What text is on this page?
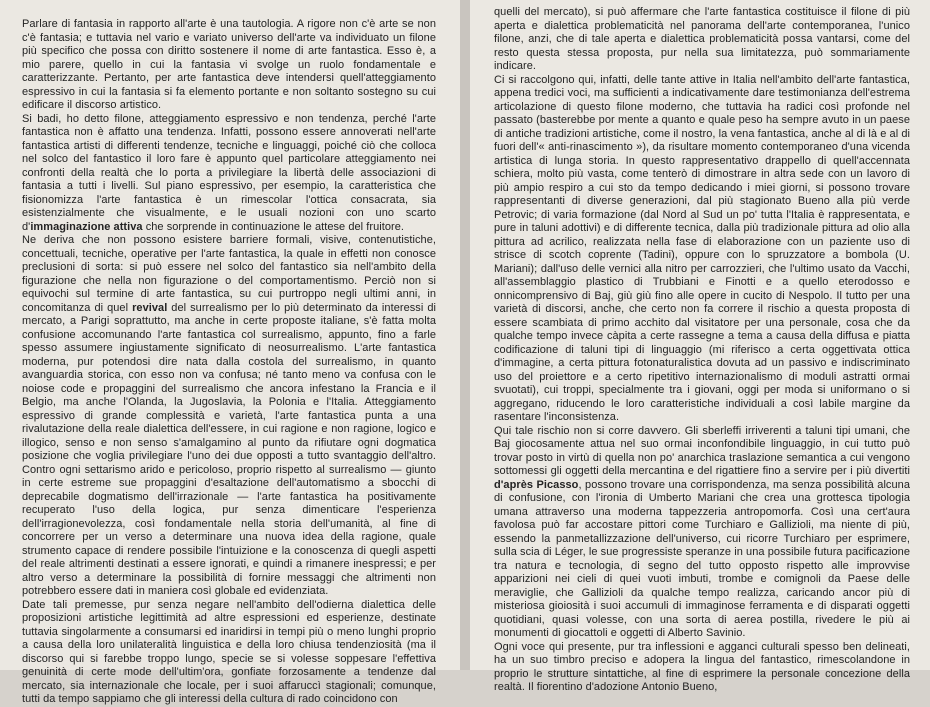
Parlare di fantasia in rapporto all'arte è una tautologia. A rigore non c'è arte se non c'è fantasia; e tuttavia nel vario e variato universo dell'arte va individuato un filone più specifico che possa con diritto sostenere il nome di arte fantastica. Esso è, a mio parere, quello in cui la fantasia vi svolge un ruolo fondamentale e caratterizzante. Pertanto, per arte fantastica deve intendersi quell'atteggiamento espressivo in cui la fantasia si fa elemento portante e non soltanto sostegno su cui edificare il discorso artistico.

Si badi, ho detto filone, atteggiamento espressivo e non tendenza, perché l'arte fantastica non è affatto una tendenza. Infatti, possono essere annoverati nell'arte fantastica artisti di differenti tendenze, tecniche e linguaggi, poiché ciò che colloca nel solco del fantastico il loro fare è appunto quel particolare atteggiamento nei confronti della realtà che lo porta a privilegiare la libertà delle associazioni di fantasia a tutti i livelli. Sul piano espressivo, per esempio, la caratteristica che fisionomizza l'arte fantastica è un rimescolar l'ottica consacrata, sia esistenzialmente che visualmente, e le usuali nozioni con uno scarto d'immaginazione attiva che sorprende in continuazione le attese del fruitore.

Ne deriva che non possono esistere barriere formali, visive, contenutistiche, concettuali, tecniche, operative per l'arte fantastica, la quale in effetti non conosce preclusioni di sorta: si può essere nel solco del fantastico sia nell'ambito della figurazione che nella non figurazione o del comportamentismo. Perciò non si equivochi sul termine di arte fantastica, su cui purtroppo negli ultimi anni, in concomitanza di quel revival del surrealismo per lo più determinato da interessi di mercato, a Parigi soprattutto, ma anche in certe proposte italiane, s'è fatta molta confusione accomunando l'arte fantastica col surrealismo, appunto, fino a farle spesso assumere ingiustamente significato di neosurrealismo. L'arte fantastica moderna, pur potendosi dire nata dalla costola del surrealismo, in quanto avanguardia storica, con esso non va confusa; né tanto meno va confusa con le noiose code e propaggini del surrealismo che ancora infestano la Francia e il Belgio, ma anche l'Olanda, la Jugoslavia, la Polonia e l'Italia. Atteggiamento espressivo di grande complessità e varietà, l'arte fantastica punta a una rivalutazione della reale dialettica dell'essere, in cui ragione e non ragione, logico e illogico, senso e non senso s'amalgamino al punto da rifiutare ogni dogmatica posizione che voglia privilegiare l'uno dei due opposti a tutto svantaggio dell'altro. Contro ogni settarismo arido e pericoloso, proprio rispetto al surrealismo — giunto in certe estreme sue propaggini d'esaltazione dell'automatismo a sbocchi di deprecabile dogmatismo dell'irrazionale — l'arte fantastica ha positivamente recuperato l'uso della logica, pur senza dimenticare l'esperienza dell'irragionevolezza, così fondamentale nella storia dell'umanità, al fine di concorrere per un verso a determinare una nuova idea della ragione, quale strumento capace di rendere possibile l'intuizione e la conoscenza di quegli aspetti del reale altrimenti destinati a essere ignorati, e quindi a rimanere inespressi; e per altro verso a determinare la possibilità di fornire messaggi che altrimenti non potrebbero essere dati in maniera così globale ed evidenziata.

Date tali premesse, pur senza negare nell'ambito dell'odierna dialettica delle proposizioni artistiche legittimità ad altre espressioni ed esperienze, destinate tuttavia singolarmente a consumarsi ed inaridirsi in tempi più o meno lunghi proprio a causa della loro unilateralità linguistica e della loro chiusa tendenziosità (ma il discorso qui si farebbe troppo lungo, specie se si volesse soppesare l'effettiva genuinità di certe mode dell'ultim'ora, gonfiate forzosamente a tendenze dal mercato, sia internazionale che locale, per i suoi affaruccì stagionali; comunque, tutti da tempo sappiamo che gli interessi della cultura di rado coincidono con

quelli del mercato), si può affermare che l'arte fantastica costituisce il filone di più aperta e dialettica problematicità nel panorama dell'arte contemporanea, l'unico filone, anzi, che di tale aperta e dialettica problematicità possa vantarsi, come del resto questa stessa proposta, pur nella sua limitatezza, può sommariamente indicare.

Ci si raccolgono qui, infatti, delle tante attive in Italia nell'ambito dell'arte fantastica, appena tredici voci, ma sufficienti a indicativamente dare testimonianza dell'estrema articolazione di questo filone moderno, che tuttavia ha radici così profonde nel passato (basterebbe por mente a quanto e quale peso ha sempre avuto in un paese di antiche tradizioni artistiche, come il nostro, la vena fantastica, anche al di là e al di fuori dell'« anti-rinascimento »), da risultare momento contemporaneo d'una vicenda artistica di lunga storia. In questo rappresentativo drappello di quell'accennata schiera, molto più vasta, come tenterò di dimostrare in altra sede con un lavoro di più ampio respiro a cui sto da tempo dedicando i miei giorni, si possono trovare rappresentanti di diverse generazioni, dal più stagionato Bueno alla più verde Petrovic; di varia formazione (dal Nord al Sud un po' tutta l'Italia è rappresentata, e pure in taluni adottivi) e di differente tecnica, dalla più tradizionale pittura ad olio alla pittura ad acrilico, realizzata nella fase di elaborazione con un paziente uso di strisce di scotch coprente (Tadini), oppure con lo spruzzatore a bombola (U. Mariani); dall'uso delle vernici alla nitro per carrozzieri, che l'ultimo usato da Vacchi, all'assemblaggio plastico di Trubbiani e Finotti e a quello eterodosso e onnicomprensivo di Baj, giù giù fino alle opere in cucito di Nespolo. Il tutto per una varietà di discorsi, anche, che certo non fa correre il rischio a questa proposta di essere scambiata di primo acchito dal visitatore per una personale, cosa che da qualche tempo invece càpita a certe rassegne a tema a causa della diffusa e piatta codificazione di taluni tipi di linguaggio (mi riferisco a certa oggettivata ottica d'immagine, a certa pittura fotonaturalistica dovuta ad un passivo e indiscriminato uso del proiettore e a certo ripetitivo internazionalismo di moduli astratti ormai svuotati), cui troppi, specialmente tra i giovani, oggi per moda si uniformano o si aggregano, riducendo le loro caratteristiche individuali a così labile margine da rasentare l'inconsistenza.

Qui tale rischio non si corre davvero. Gli sberleffi irriverenti a taluni tipi umani, che Baj giocosamente attua nel suo ormai inconfondibile linguaggio, in cui tutto può trovar posto in virtù di quella non po' anarchica traslazione semantica a cui vengono sottomessi gli oggetti della mercantina e del rigattiere fino a servire per i più divertiti d'après Picasso, possono trovare una corrispondenza, ma senza possibilità alcuna di confusione, con l'ironia di Umberto Mariani che crea una grottesca tipologia umana attraverso una moderna tappezzeria antropomorfa. Così una cert'aura favolosa può far accostare pittori come Turchiaro e Gallizioli, ma niente di più, essendo la panmetallizzazione dell'universo, cui ricorre Turchiaro per esprimere, sulla scia di Léger, le sue progressiste speranze in una possibile futura pacificazione tra natura e tecnologia, di segno del tutto opposto rispetto alle improvvise apparizioni nei cieli di quei vuoti imbuti, trombe e comignoli da Paese delle meraviglie, che Gallizioli da qualche tempo realizza, caricando ancor più di misteriosa gioiosità i suoi accumuli di immaginose ferramenta e di disparati oggetti quotidiani, quasi volesse, con una sorta di aerea postilla, rivedere le più ai monumenti di giocattoli e oggetti di Alberto Savinio.

Ogni voce qui presente, pur tra inflessioni e agganci culturali spesso ben delineati, ha un suo timbro preciso e adopera la lingua del fantastico, rimescolandone in proprio le strutture sintattiche, al fine di esprimere la personale concezione della realtà. Il fiorentino d'adozione Antonio Bueno,
